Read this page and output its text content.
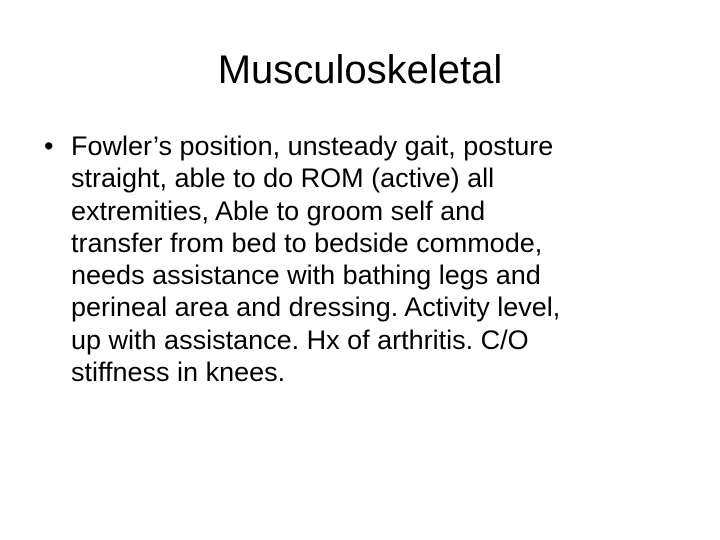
Musculoskeletal
• Fowler’s position, unsteady gait, posture
straight, able to do ROM (active) all
extremities, Able to groom self and
transfer from bed to bedside commode,
needs assistance with bathing legs and
perineal area and dressing. Activity level,
up with assistance. Hx of arthritis. C/O
stiffness in knees.
